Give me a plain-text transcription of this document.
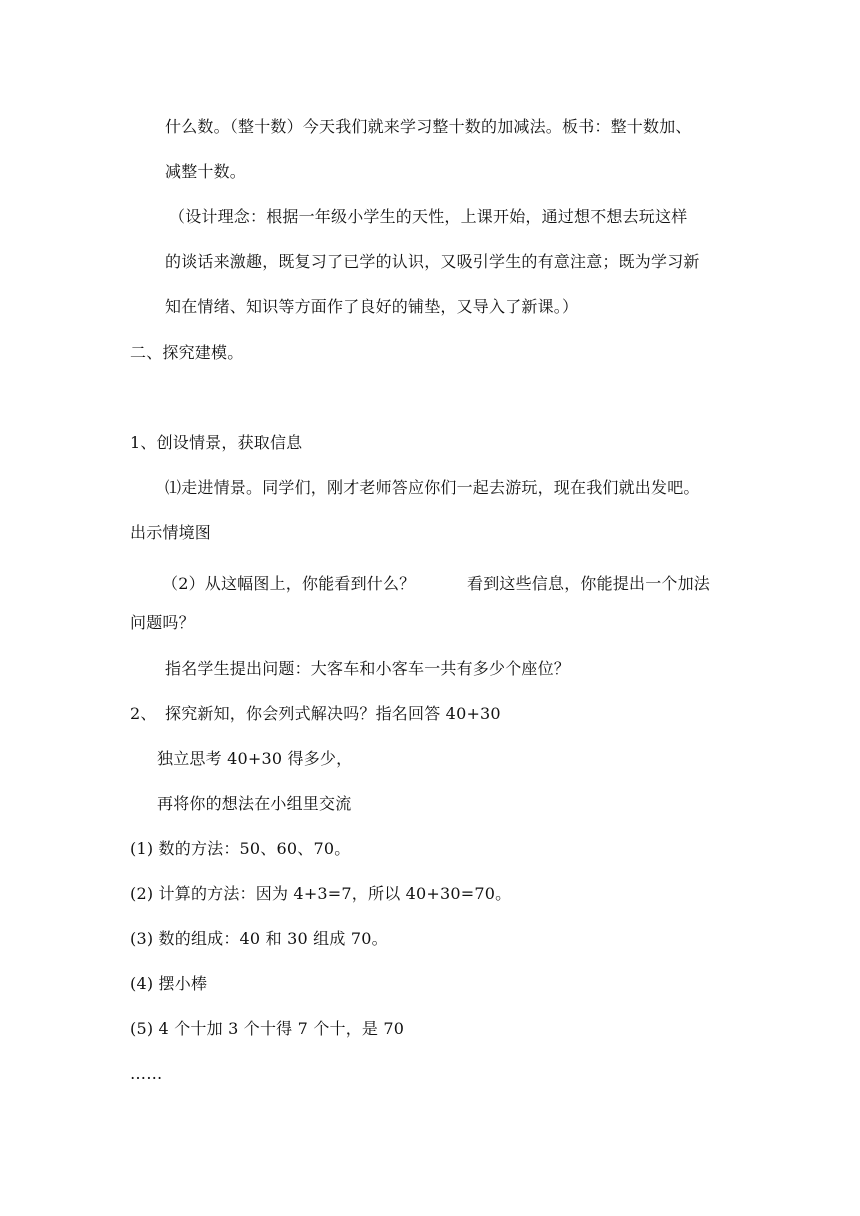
什么数。（整十数）今天我们就来学习整十数的加减法。板书：整十数加、
减整十数。
（设计理念：根据一年级小学生的天性，上课开始，通过想不想去玩这样
的谈话来激趣，既复习了已学的认识，又吸引学生的有意注意；既为学习新
知在情绪、知识等方面作了良好的铺垫，又导入了新课。）
二、探究建模。
1、创设情景，获取信息
⑴走进情景。同学们，刚才老师答应你们一起去游玩，现在我们就出发吧。
出示情境图
（2）从这幅图上，你能看到什么？	看到这些信息，你能提出一个加法
问题吗？
指名学生提出问题：大客车和小客车一共有多少个座位？
2、 探究新知，你会列式解决吗？指名回答 40+30
独立思考 40+30 得多少，
再将你的想法在小组里交流
(1) 数的方法：50、60、70。
(2) 计算的方法：因为 4+3=7，所以 40+30=70。
(3) 数的组成：40 和 30 组成 70。
(4) 摆小棒
(5) 4 个十加 3 个十得 7 个十，是 70
……
